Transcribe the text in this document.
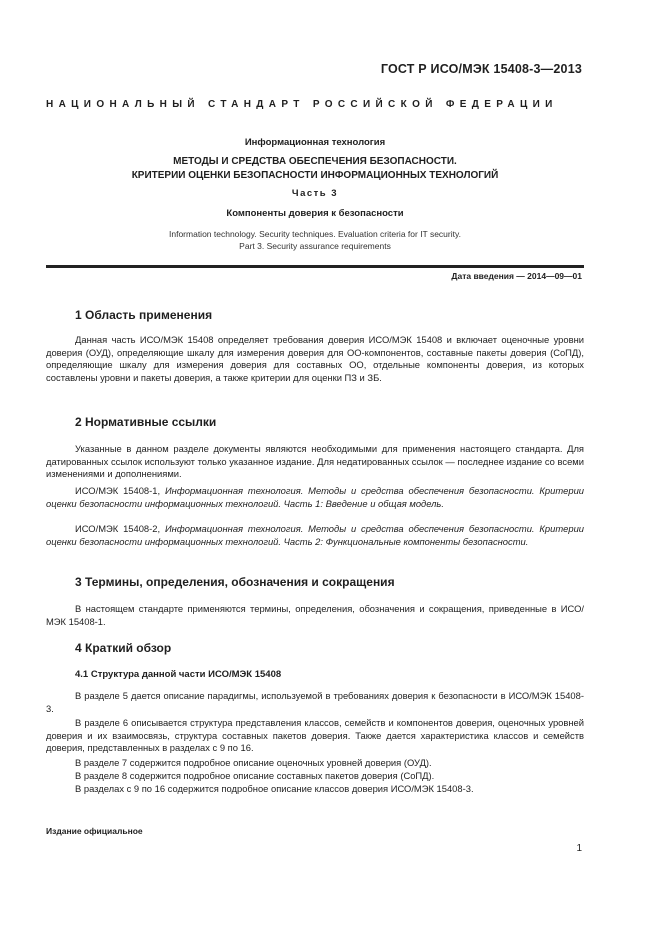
ГОСТ Р ИСО/МЭК 15408-3—2013
НАЦИОНАЛЬНЫЙ СТАНДАРТ РОССИЙСКОЙ ФЕДЕРАЦИИ
Информационная технология
МЕТОДЫ И СРЕДСТВА ОБЕСПЕЧЕНИЯ БЕЗОПАСНОСТИ.
КРИТЕРИИ ОЦЕНКИ БЕЗОПАСНОСТИ ИНФОРМАЦИОННЫХ ТЕХНОЛОГИЙ
Часть 3
Компоненты доверия к безопасности
Information technology. Security techniques. Evaluation criteria for IT security.
Part 3. Security assurance requirements
Дата введения — 2014—09—01
1 Область применения
Данная часть ИСО/МЭК 15408 определяет требования доверия ИСО/МЭК 15408 и включает оценочные уровни доверия (ОУД), определяющие шкалу для измерения доверия для ОО-компонентов, составные пакеты доверия (СоПД), определяющие шкалу для измерения доверия для составных ОО, отдельные компоненты доверия, из которых составлены уровни и пакеты доверия, а также критерии для оценки ПЗ и ЗБ.
2 Нормативные ссылки
Указанные в данном разделе документы являются необходимыми для применения настоящего стандарта. Для датированных ссылок используют только указанное издание. Для недатированных ссылок — последнее издание со всеми изменениями и дополнениями.
ИСО/МЭК 15408-1, Информационная технология. Методы и средства обеспечения безопасности. Критерии оценки безопасности информационных технологий. Часть 1: Введение и общая модель.
ИСО/МЭК 15408-2, Информационная технология. Методы и средства обеспечения безопасности. Критерии оценки безопасности информационных технологий. Часть 2: Функциональные компоненты безопасности.
3 Термины, определения, обозначения и сокращения
В настоящем стандарте применяются термины, определения, обозначения и сокращения, приведенные в ИСО/МЭК 15408-1.
4 Краткий обзор
4.1 Структура данной части ИСО/МЭК 15408
В разделе 5 дается описание парадигмы, используемой в требованиях доверия к безопасности в ИСО/МЭК 15408-3.
В разделе 6 описывается структура представления классов, семейств и компонентов доверия, оценочных уровней доверия и их взаимосвязь, структура составных пакетов доверия. Также дается характеристика классов и семейств доверия, представленных в разделах с 9 по 16.
В разделе 7 содержится подробное описание оценочных уровней доверия (ОУД).
В разделе 8 содержится подробное описание составных пакетов доверия (СоПД).
В разделах с 9 по 16 содержится подробное описание классов доверия ИСО/МЭК 15408-3.
Издание официальное
1
